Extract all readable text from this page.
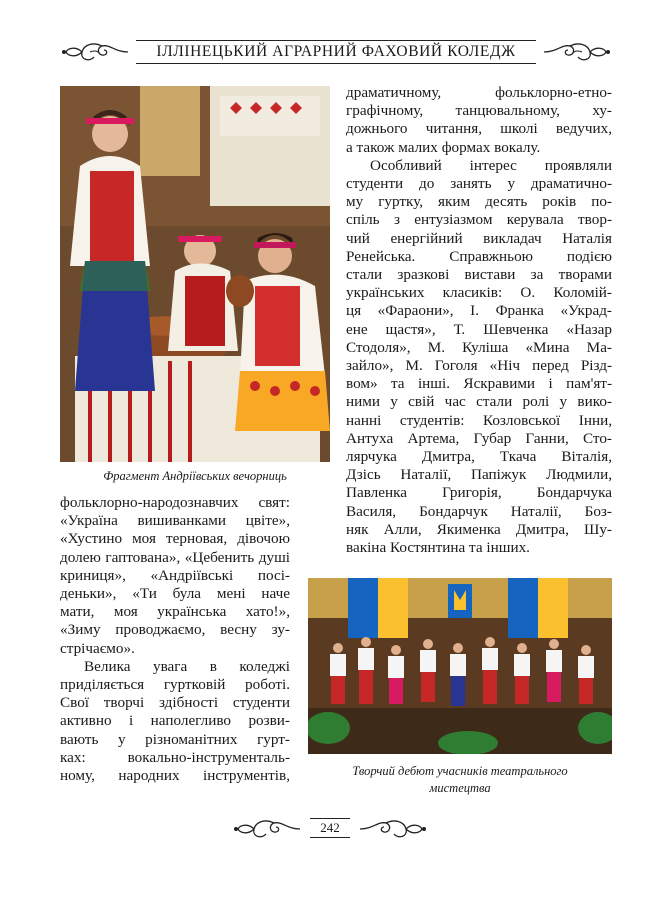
ІЛЛІНЕЦЬКИЙ АГРАРНИЙ ФАХОВИЙ КОЛЕДЖ
Фрагмент Андріївських вечорниць
драматичному, фольклорно-етно-
графічному, танцювальному, ху-
дожнього читання, школі ведучих,
а також малих формах вокалу.
Особливий інтерес проявляли
студенти до занять у драматично-
му гуртку, яким десять років по-
спіль з ентузіазмом керувала твор-
чий енергійний викладач Наталія
Ренейська. Справжньою подією
стали зразкові вистави за творами
українських класиків: О. Коломій-
ця «Фараони», І. Франка «Украд-
ене щастя», Т. Шевченка «Назар
Стодоля», М. Куліша «Мина Ма-
зайло», М. Гоголя «Ніч перед Різд-
вом» та інші. Яскравими і пам'ят-
ними у свій час стали ролі у вико-
нанні студентів: Козловської Інни,
Антуха Артема, Губар Ганни, Сто-
лярчука Дмитра, Ткача Віталія,
Дзісь Наталії, Папіжук Людмили,
Павленка Григорія, Бондарчука
Василя, Бондарчук Наталії, Боз-
няк Алли, Якименка Дмитра, Шу-
вакіна Костянтина та інших.
фольклорно-народознавчих свят:
«Україна вишиванками цвіте»,
«Хустино моя терновая, дівочою
долею гаптована», «Цебенить душі
криниця», «Андріївські посі-
деньки», «Ти була мені наче
мати, моя українська хато!»,
«Зиму проводжаємо, весну зу-
стрічаємо».
Велика увага в коледжі
приділяється гуртковій роботі.
Свої творчі здібності студенти
активно і наполегливо розви-
вають у різноманітних гурт-
ках: вокально-інструменталь-
ному, народних інструментів,	Творчий дебют учасників театрального
мистецтва
242
